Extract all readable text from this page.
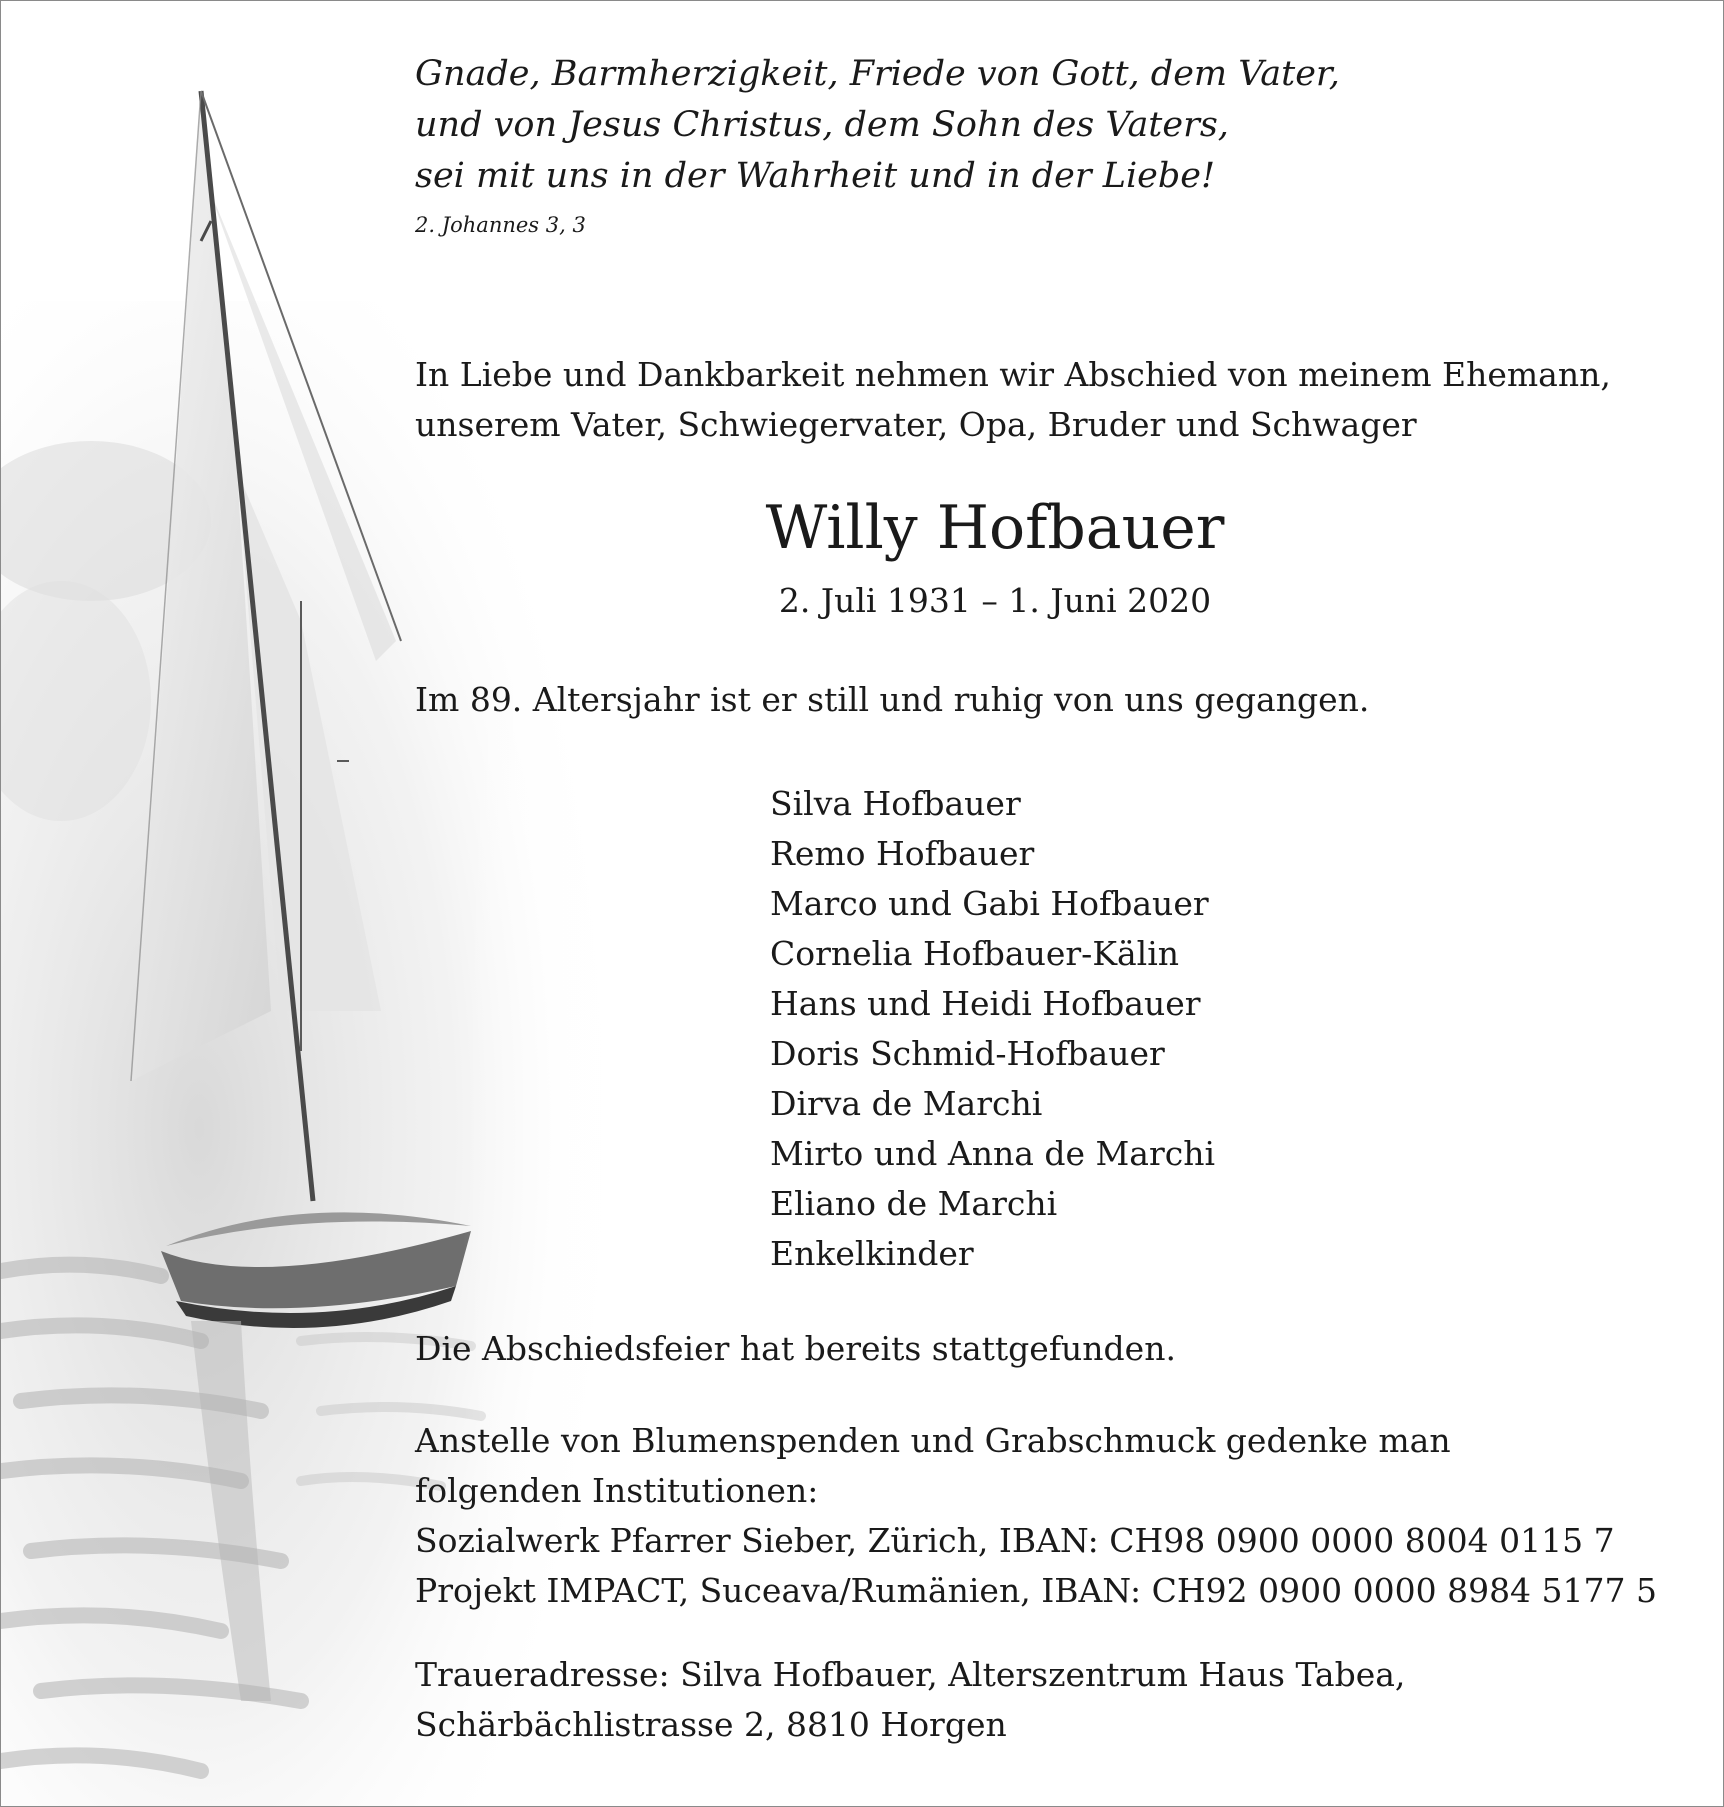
Gnade, Barmherzigkeit, Friede von Gott, dem Vater,
und von Jesus Christus, dem Sohn des Vaters,
sei mit uns in der Wahrheit und in der Liebe!
2. Johannes 3, 3
In Liebe und Dankbarkeit nehmen wir Abschied von meinem Ehemann,
unserem Vater, Schwiegervater, Opa, Bruder und Schwager
Willy Hofbauer
2. Juli 1931 – 1. Juni 2020
Im 89. Altersjahr ist er still und ruhig von uns gegangen.
Silva Hofbauer
Remo Hofbauer
Marco und Gabi Hofbauer
Cornelia Hofbauer-Kälin
Hans und Heidi Hofbauer
Doris Schmid-Hofbauer
Dirva de Marchi
Mirto und Anna de Marchi
Eliano de Marchi
Enkelkinder
Die Abschiedsfeier hat bereits stattgefunden.
Anstelle von Blumenspenden und Grabschmuck gedenke man
folgenden Institutionen:
Sozialwerk Pfarrer Sieber, Zürich, IBAN: CH98 0900 0000 8004 0115 7
Projekt IMPACT, Suceava/Rumänien, IBAN: CH92 0900 0000 8984 5177 5
Traueradresse: Silva Hofbauer, Alterszentrum Haus Tabea,
Schärbächlistrasse 2, 8810 Horgen
